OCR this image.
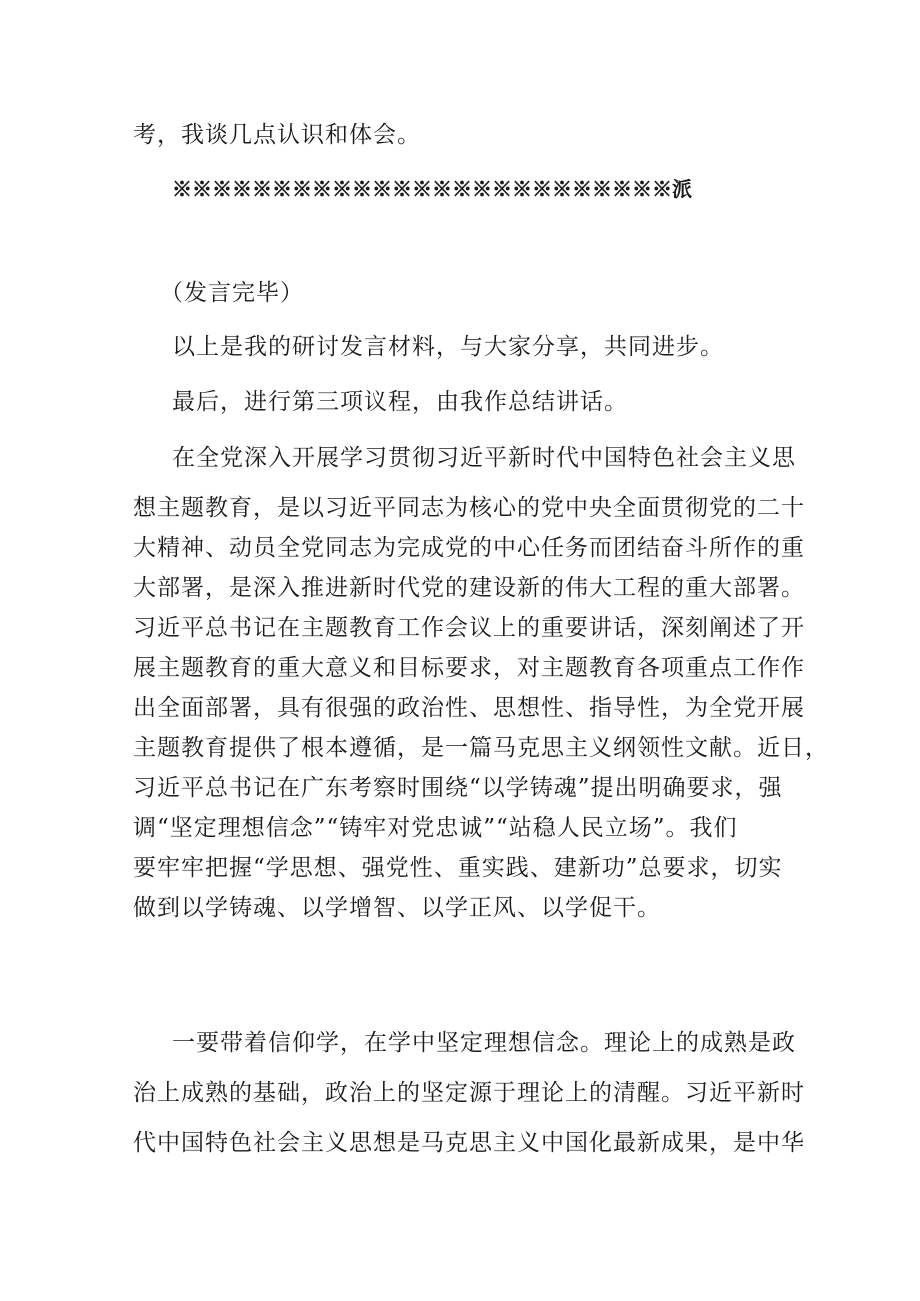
考，我谈几点认识和体会。
※※※※※※※※※※※※※※※※※※※※※※※※※派
（发言完毕）
以上是我的研讨发言材料，与大家分享，共同进步。
最后，进行第三项议程，由我作总结讲话。
在全党深入开展学习贯彻习近平新时代中国特色社会主义思
想主题教育，是以习近平同志为核心的党中央全面贯彻党的二十
大精神、动员全党同志为完成党的中心任务而团结奋斗所作的重
大部署，是深入推进新时代党的建设新的伟大工程的重大部署。
习近平总书记在主题教育工作会议上的重要讲话，深刻阐述了开
展主题教育的重大意义和目标要求，对主题教育各项重点工作作
出全面部署，具有很强的政治性、思想性、指导性，为全党开展
主题教育提供了根本遵循，是一篇马克思主义纲领性文献。近日，
习近平总书记在广东考察时围绕“以学铸魂”提出明确要求，强
调“坚定理想信念”“铸牢对党忠诚”“站稳人民立场”。我们
要牢牢把握“学思想、强党性、重实践、建新功”总要求，切实
做到以学铸魂、以学增智、以学正风、以学促干。
一要带着信仰学，在学中坚定理想信念。理论上的成熟是政
治上成熟的基础，政治上的坚定源于理论上的清醒。习近平新时
代中国特色社会主义思想是马克思主义中国化最新成果，是中华
